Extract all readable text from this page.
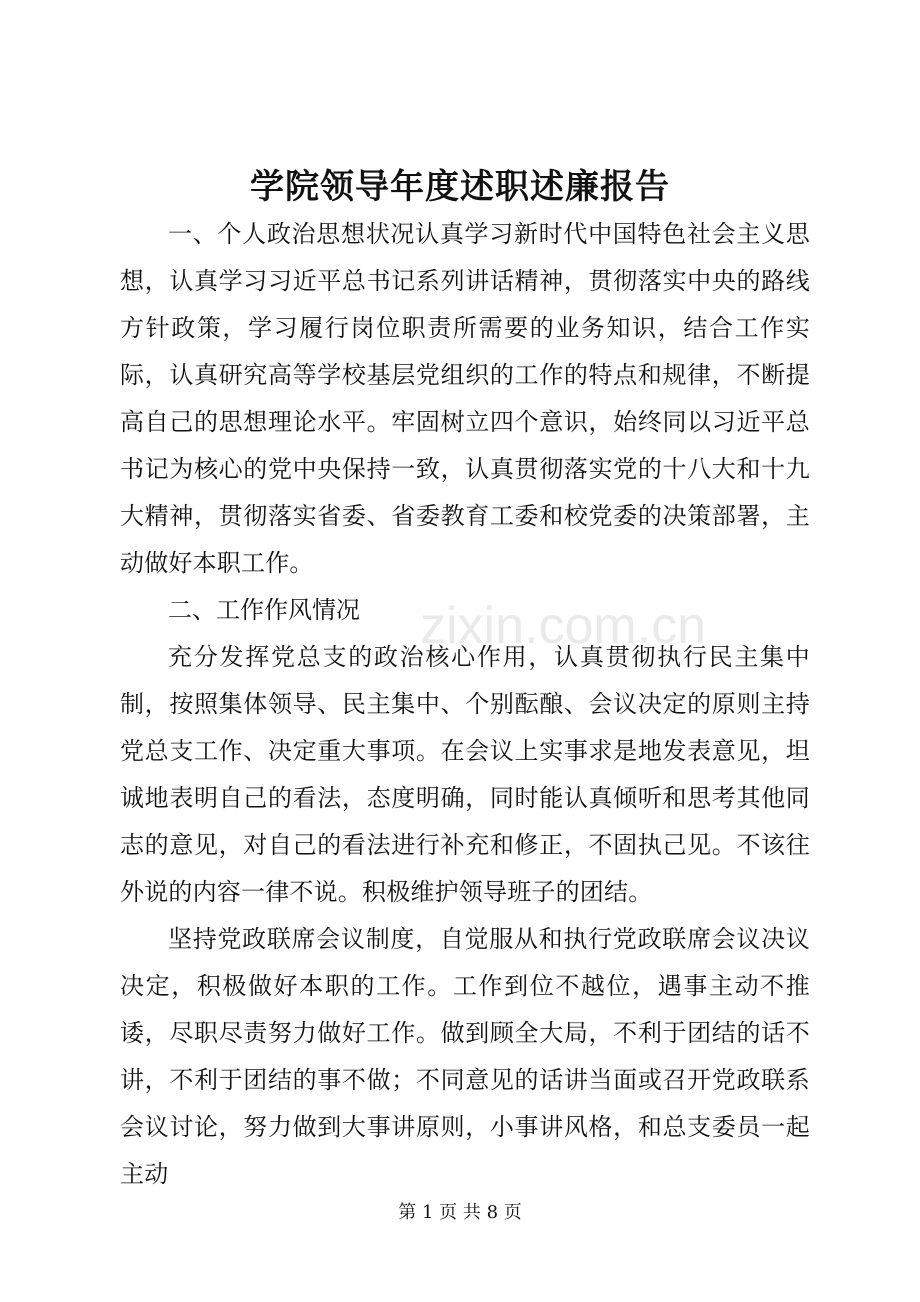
学院领导年度述职述廉报告

一、个人政治思想状况认真学习新时代中国特色社会主义思想，认真学习习近平总书记系列讲话精神，贯彻落实中央的路线方针政策，学习履行岗位职责所需要的业务知识，结合工作实际，认真研究高等学校基层党组织的工作的特点和规律，不断提高自己的思想理论水平。牢固树立四个意识，始终同以习近平总书记为核心的党中央保持一致，认真贯彻落实党的十八大和十九大精神，贯彻落实省委、省委教育工委和校党委的决策部署，主动做好本职工作。

二、工作作风情况

充分发挥党总支的政治核心作用，认真贯彻执行民主集中制，按照集体领导、民主集中、个别酝酿、会议决定的原则主持党总支工作、决定重大事项。在会议上实事求是地发表意见，坦诚地表明自己的看法，态度明确，同时能认真倾听和思考其他同志的意见，对自己的看法进行补充和修正，不固执己见。不该往外说的内容一律不说。积极维护领导班子的团结。

坚持党政联席会议制度，自觉服从和执行党政联席会议决议决定，积极做好本职的工作。工作到位不越位，遇事主动不推诿，尽职尽责努力做好工作。做到顾全大局，不利于团结的话不讲，不利于团结的事不做；不同意见的话讲当面或召开党政联系会议讨论，努力做到大事讲原则，小事讲风格，和总支委员一起主动

zixin.com.cn
第 1 页 共 8 页
